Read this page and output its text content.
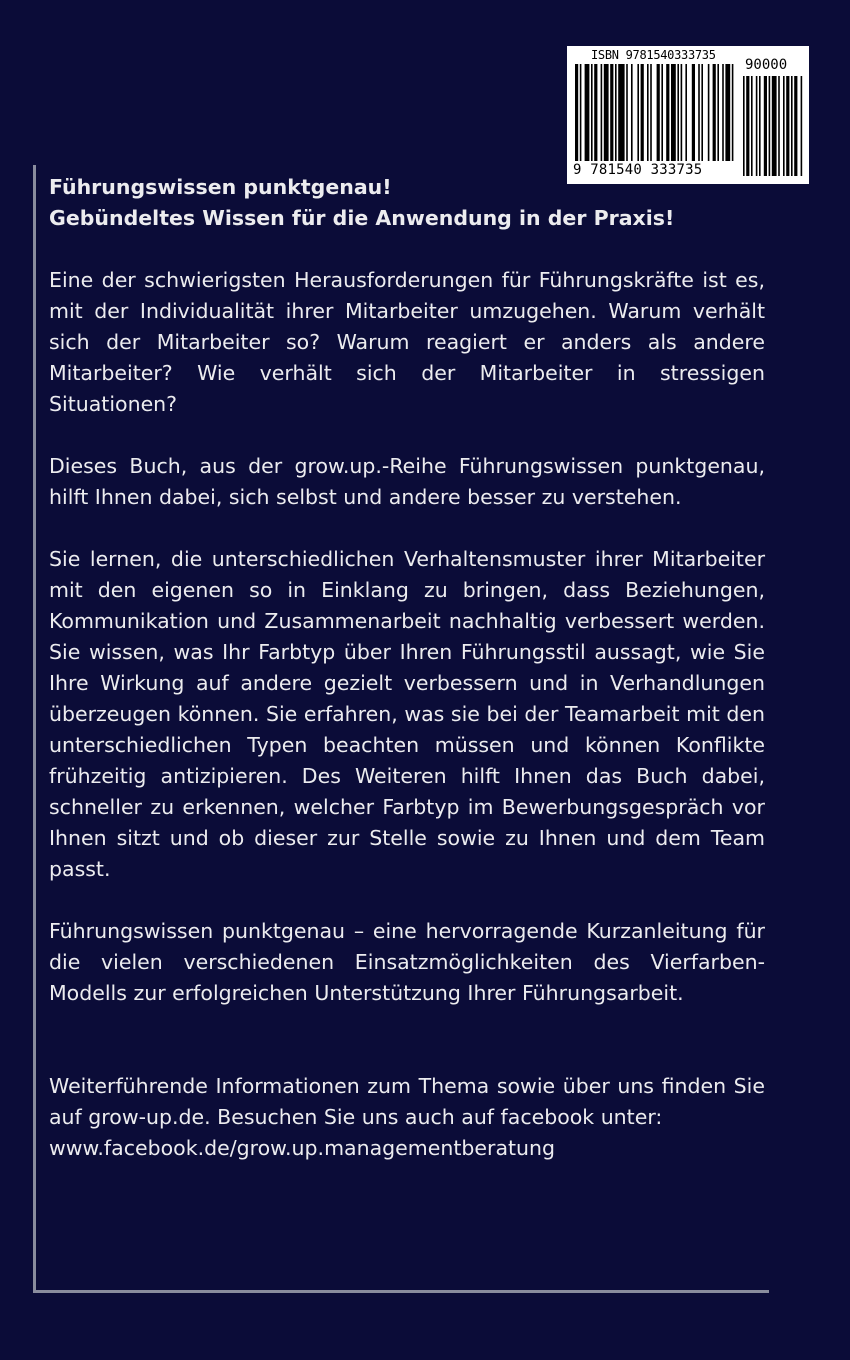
ISBN 9781540333735
90000
9 781540 333735

Führungswissen punktgenau!
Gebündeltes Wissen für die Anwendung in der Praxis!

Eine der schwierigsten Herausforderungen für Führungskräfte ist es, mit der Individualität ihrer Mitarbeiter umzugehen. Warum verhält sich der Mitarbeiter so? Warum reagiert er anders als andere Mitarbeiter? Wie verhält sich der Mitarbeiter in stressigen Situationen?

Dieses Buch, aus der grow.up.-Reihe Führungswissen punktgenau, hilft Ihnen dabei, sich selbst und andere besser zu verstehen.

Sie lernen, die unterschiedlichen Verhaltensmuster ihrer Mitarbeiter mit den eigenen so in Einklang zu bringen, dass Beziehungen, Kommunikation und Zusammenarbeit nachhaltig verbessert werden. Sie wissen, was Ihr Farbtyp über Ihren Führungsstil aussagt, wie Sie Ihre Wirkung auf andere gezielt verbessern und in Verhandlungen überzeugen können. Sie erfahren, was sie bei der Teamarbeit mit den unterschiedlichen Typen beachten müssen und können Konflikte frühzeitig antizipieren. Des Weiteren hilft Ihnen das Buch dabei, schneller zu erkennen, welcher Farbtyp im Bewerbungsgespräch vor Ihnen sitzt und ob dieser zur Stelle sowie zu Ihnen und dem Team passt.

Führungswissen punktgenau – eine hervorragende Kurzanleitung für die vielen verschiedenen Einsatzmöglichkeiten des Vierfarben-Modells zur erfolgreichen Unterstützung Ihrer Führungsarbeit.

Weiterführende Informationen zum Thema sowie über uns finden Sie auf grow-up.de. Besuchen Sie uns auch auf facebook unter:
www.facebook.de/grow.up.managementberatung
